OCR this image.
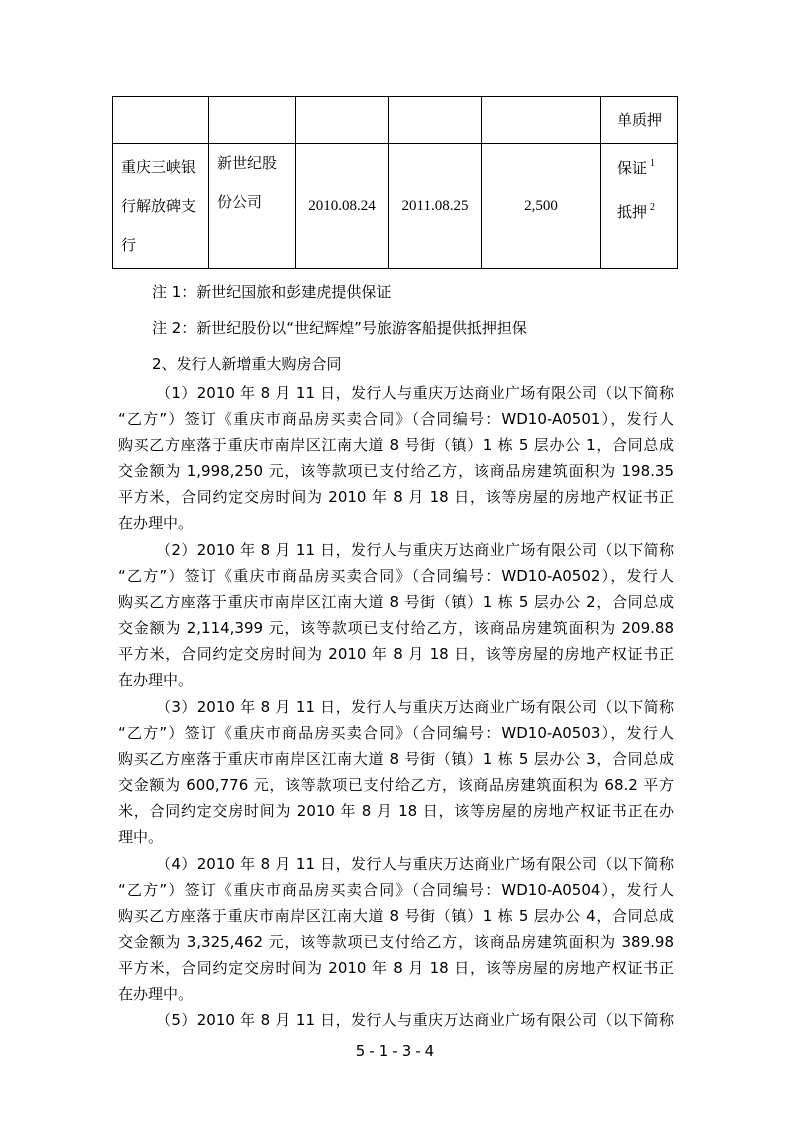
					单质押

重庆三峡银
行解放碑支
行	新世纪股
份公司	2010.08.24	2011.08.25	2,500	保证 $^1$
抵押 $^2$
注 1：新世纪国旅和彭建虎提供保证
注 2：新世纪股份以“世纪辉煌”号旅游客船提供抵押担保
2、发行人新增重大购房合同
（1）2010 年 8 月 11 日，发行人与重庆万达商业广场有限公司（以下简称
“乙方”）签订《重庆市商品房买卖合同》（合同编号：WD10-A0501），发行人
购买乙方座落于重庆市南岸区江南大道 8 号街（镇）1 栋 5 层办公 1，合同总成
交金额为 1,998,250 元，该等款项已支付给乙方，该商品房建筑面积为 198.35
平方米，合同约定交房时间为 2010 年 8 月 18 日，该等房屋的房地产权证书正
在办理中。
（2）2010 年 8 月 11 日，发行人与重庆万达商业广场有限公司（以下简称
“乙方”）签订《重庆市商品房买卖合同》（合同编号：WD10-A0502），发行人
购买乙方座落于重庆市南岸区江南大道 8 号街（镇）1 栋 5 层办公 2，合同总成
交金额为 2,114,399 元，该等款项已支付给乙方，该商品房建筑面积为 209.88
平方米，合同约定交房时间为 2010 年 8 月 18 日，该等房屋的房地产权证书正
在办理中。
（3）2010 年 8 月 11 日，发行人与重庆万达商业广场有限公司（以下简称
“乙方”）签订《重庆市商品房买卖合同》（合同编号：WD10-A0503），发行人
购买乙方座落于重庆市南岸区江南大道 8 号街（镇）1 栋 5 层办公 3，合同总成
交金额为 600,776 元，该等款项已支付给乙方，该商品房建筑面积为 68.2 平方
米，合同约定交房时间为 2010 年 8 月 18 日，该等房屋的房地产权证书正在办
理中。
（4）2010 年 8 月 11 日，发行人与重庆万达商业广场有限公司（以下简称
“乙方”）签订《重庆市商品房买卖合同》（合同编号：WD10-A0504），发行人
购买乙方座落于重庆市南岸区江南大道 8 号街（镇）1 栋 5 层办公 4，合同总成
交金额为 3,325,462 元，该等款项已支付给乙方，该商品房建筑面积为 389.98
平方米，合同约定交房时间为 2010 年 8 月 18 日，该等房屋的房地产权证书正
在办理中。
（5）2010 年 8 月 11 日，发行人与重庆万达商业广场有限公司（以下简称
5-1-3-4
